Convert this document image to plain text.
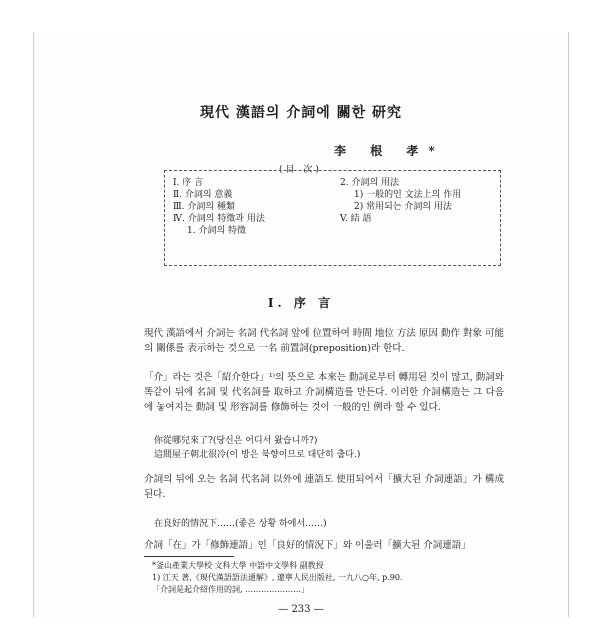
現代 漢語의 介詞에 關한 研究
李 根 孝*
(目 次)
Ⅰ. 序 言
Ⅱ. 介詞의 意義
Ⅲ. 介詞의 種類
Ⅳ. 介詞의 特徵과 用法
1. 介詞의 特徵
2. 介詞의 用法
1) 一般的인 文法上의 作用
2) 常用되는 介詞의 用法
V. 結 語
Ⅰ. 序 言
現代 漢語에서 介詞는 名詞 代名詞 앞에 位置하여 時間 地位 方法 原因 動作 對象 可能의 關係를 表示하는 것으로 一名 前置詞(preposition)라 한다.
「介」라는 것은「紹介한다」¹⁾의 뜻으로 本來는 動詞로부터 轉用된 것이 많고, 動詞와 똑같이 뒤에 名詞 및 代名詞를 取하고 介詞構造를 만든다. 이러한 介詞構造는 그 다음에 놓여지는 動詞 및 形容詞를 修飾하는 것이 一般的인 例라 할 수 있다.
你從哪兒來了?(당신은 어디서 왔습니까?)
這間屋子朝北很冷(이 방은 북향이므로 대단히 춥다.)
介詞의 뒤에 오는 名詞 代名詞 以外에 連語도 使用되어서「擴大된 介詞連語」가 構成된다.
在良好的情況下……(좋은 상황 하에서……)
介詞「在」가「修飾連語」인「良好的情況下」와 이울러「擴大된 介詞連語」
*釜山產業大學校 文科大學 中語中文學科 副教授
1) 江天 著,《現代漢語語法通解》, 遼寧人民出版社, 一九八○年, p.90.
「介詞是起介紹作用的詞, …………………」
— 233 —
